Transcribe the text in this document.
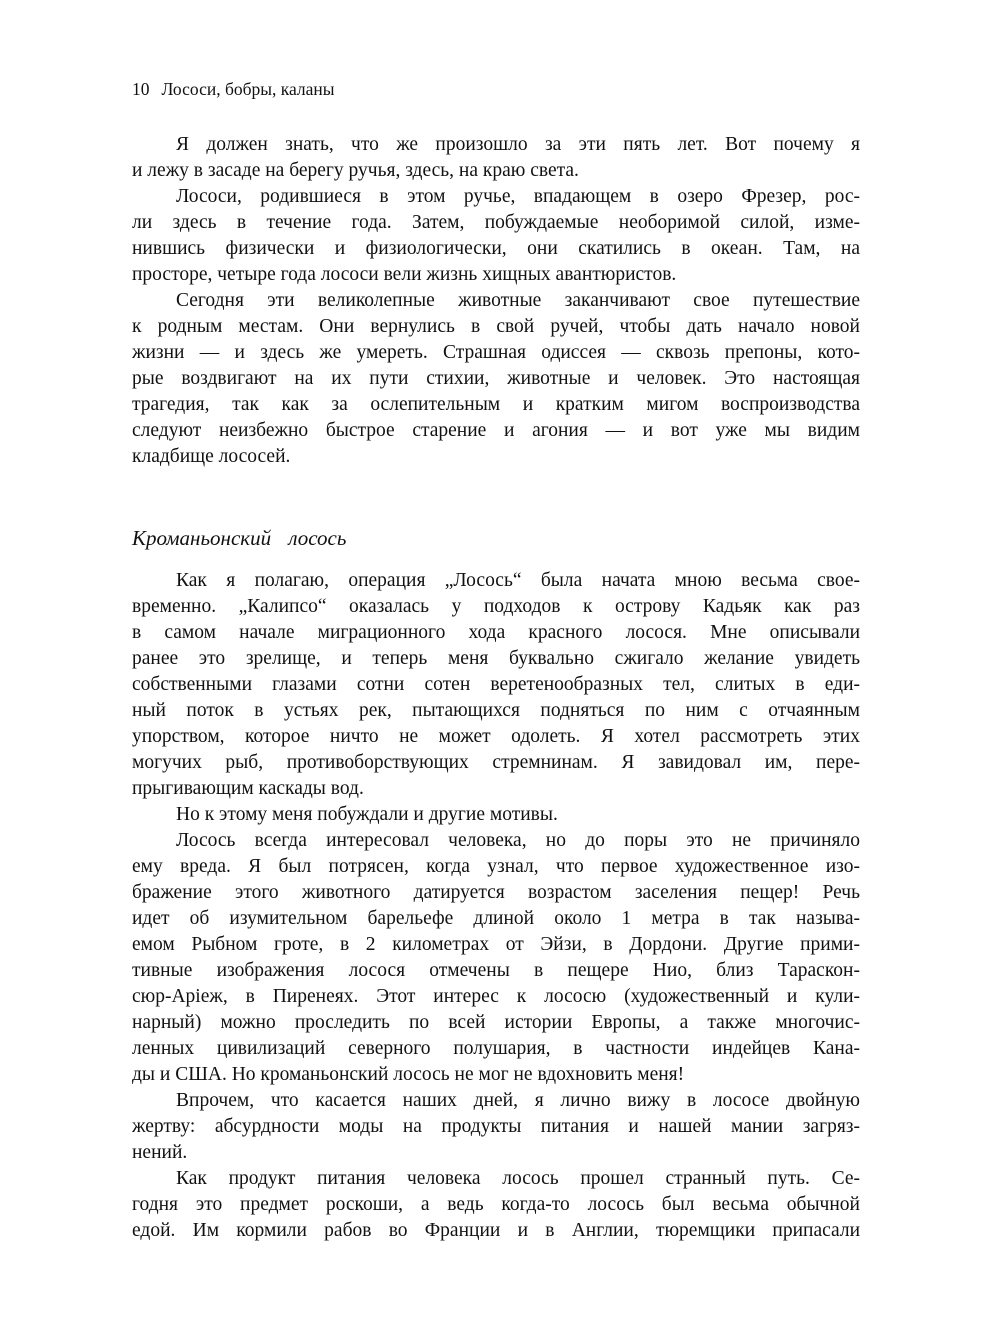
10 Лососи, бобры, каланы
Я должен знать, что же произошло за эти пять лет. Вот почему я
и лежу в засаде на берегу ручья, здесь, на краю света.
Лососи, родившиеся в этом ручье, впадающем в озеро Фрезер, рос-
ли здесь в течение года. Затем, побуждаемые необоримой силой, изме-
нившись физически и физиологически, они скатились в океан. Там, на
просторе, четыре года лососи вели жизнь хищных авантюристов.
Сегодня эти великолепные животные заканчивают свое путешествие
к родным местам. Они вернулись в свой ручей, чтобы дать начало новой
жизни — и здесь же умереть. Страшная одиссея — сквозь препоны, кото-
рые воздвигают на их пути стихии, животные и человек. Это настоящая
трагедия, так как за ослепительным и кратким мигом воспроизводства
следуют неизбежно быстрое старение и агония — и вот уже мы видим
кладбище лососей.
Кроманьонский лосось
Как я полагаю, операция „Лосось“ была начата мною весьма свое-
временно. „Калипсо“ оказалась у подходов к острову Кадьяк как раз
в самом начале миграционного хода красного лосося. Мне описывали
ранее это зрелище, и теперь меня буквально сжигало желание увидеть
собственными глазами сотни сотен веретенообразных тел, слитых в еди-
ный поток в устьях рек, пытающихся подняться по ним с отчаянным
упорством, которое ничто не может одолеть. Я хотел рассмотреть этих
могучих рыб, противоборствующих стремнинам. Я завидовал им, пере-
прыгивающим каскады вод.
Но к этому меня побуждали и другие мотивы.
Лосось всегда интересовал человека, но до поры это не причиняло
ему вреда. Я был потрясен, когда узнал, что первое художественное изо-
бражение этого животного датируется возрастом заселения пещер! Речь
идет об изумительном барельефе длиной около 1 метра в так называ-
емом Рыбном гроте, в 2 километрах от Эйзи, в Дордони. Другие прими-
тивные изображения лосося отмечены в пещере Нио, близ Тараскон-
сюр-Арieж, в Пиренеях. Этот интерес к лососю (художественный и кули-
нарный) можно проследить по всей истории Европы, а также многочис-
ленных цивилизаций северного полушария, в частности индейцев Кана-
ды и США. Но кроманьонский лосось не мог не вдохновить меня!
Впрочем, что касается наших дней, я лично вижу в лососе двойную
жертву: абсурдности моды на продукты питания и нашей мании загряз-
нений.
Как продукт питания человека лосось прошел странный путь. Се-
годня это предмет роскоши, а ведь когда-то лосось был весьма обычной
едой. Им кормили рабов во Франции и в Англии, тюремщики припасали
